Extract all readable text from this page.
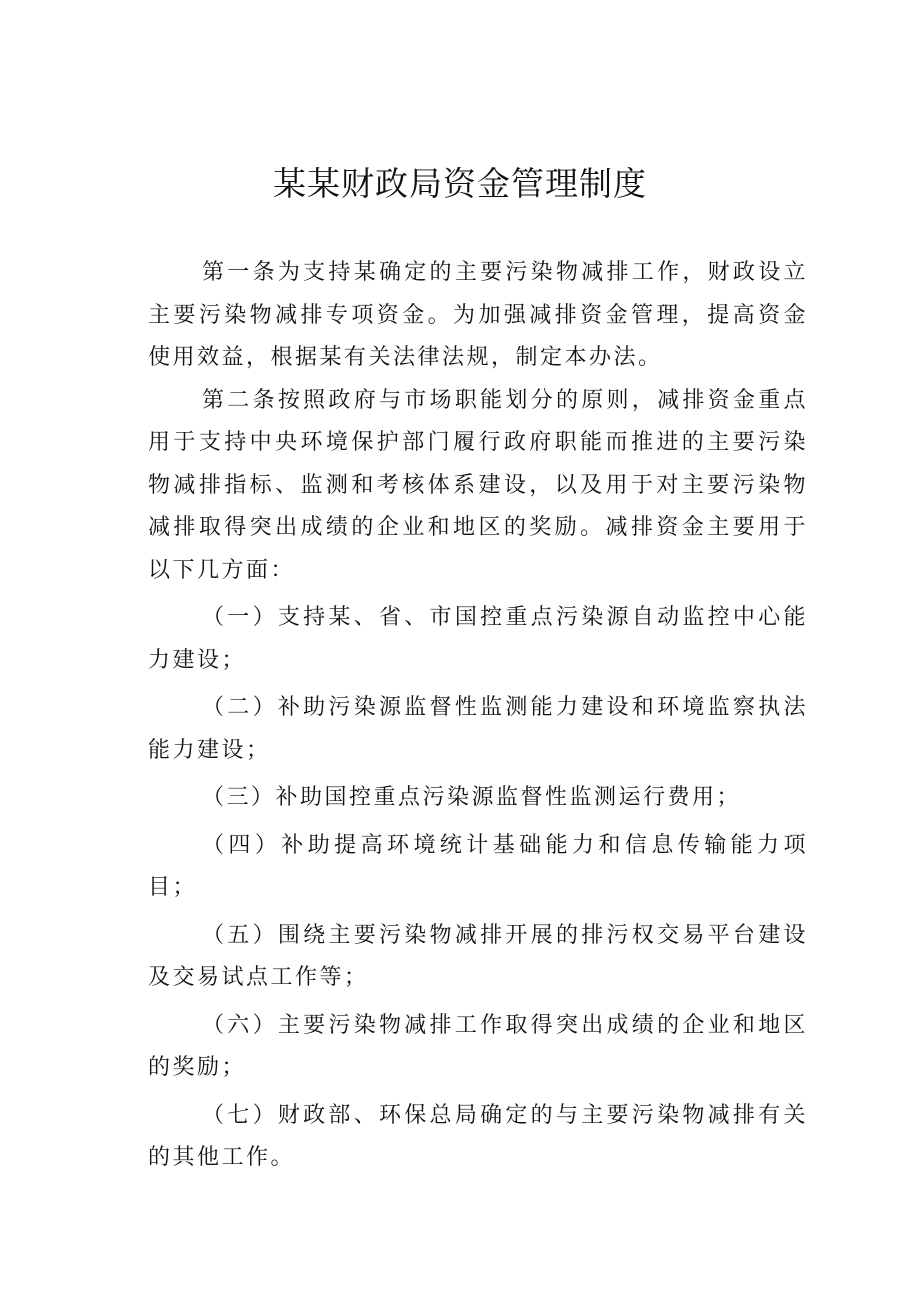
某某财政局资金管理制度

第一条为支持某确定的主要污染物减排工作，财政设立主要污染物减排专项资金。为加强减排资金管理，提高资金使用效益，根据某有关法律法规，制定本办法。

第二条按照政府与市场职能划分的原则，减排资金重点用于支持中央环境保护部门履行政府职能而推进的主要污染物减排指标、监测和考核体系建设，以及用于对主要污染物减排取得突出成绩的企业和地区的奖励。减排资金主要用于以下几方面：

（一）支持某、省、市国控重点污染源自动监控中心能力建设；

（二）补助污染源监督性监测能力建设和环境监察执法能力建设；

（三）补助国控重点污染源监督性监测运行费用；

（四）补助提高环境统计基础能力和信息传输能力项目；

（五）围绕主要污染物减排开展的排污权交易平台建设及交易试点工作等；

（六）主要污染物减排工作取得突出成绩的企业和地区的奖励；

（七）财政部、环保总局确定的与主要污染物减排有关的其他工作。
